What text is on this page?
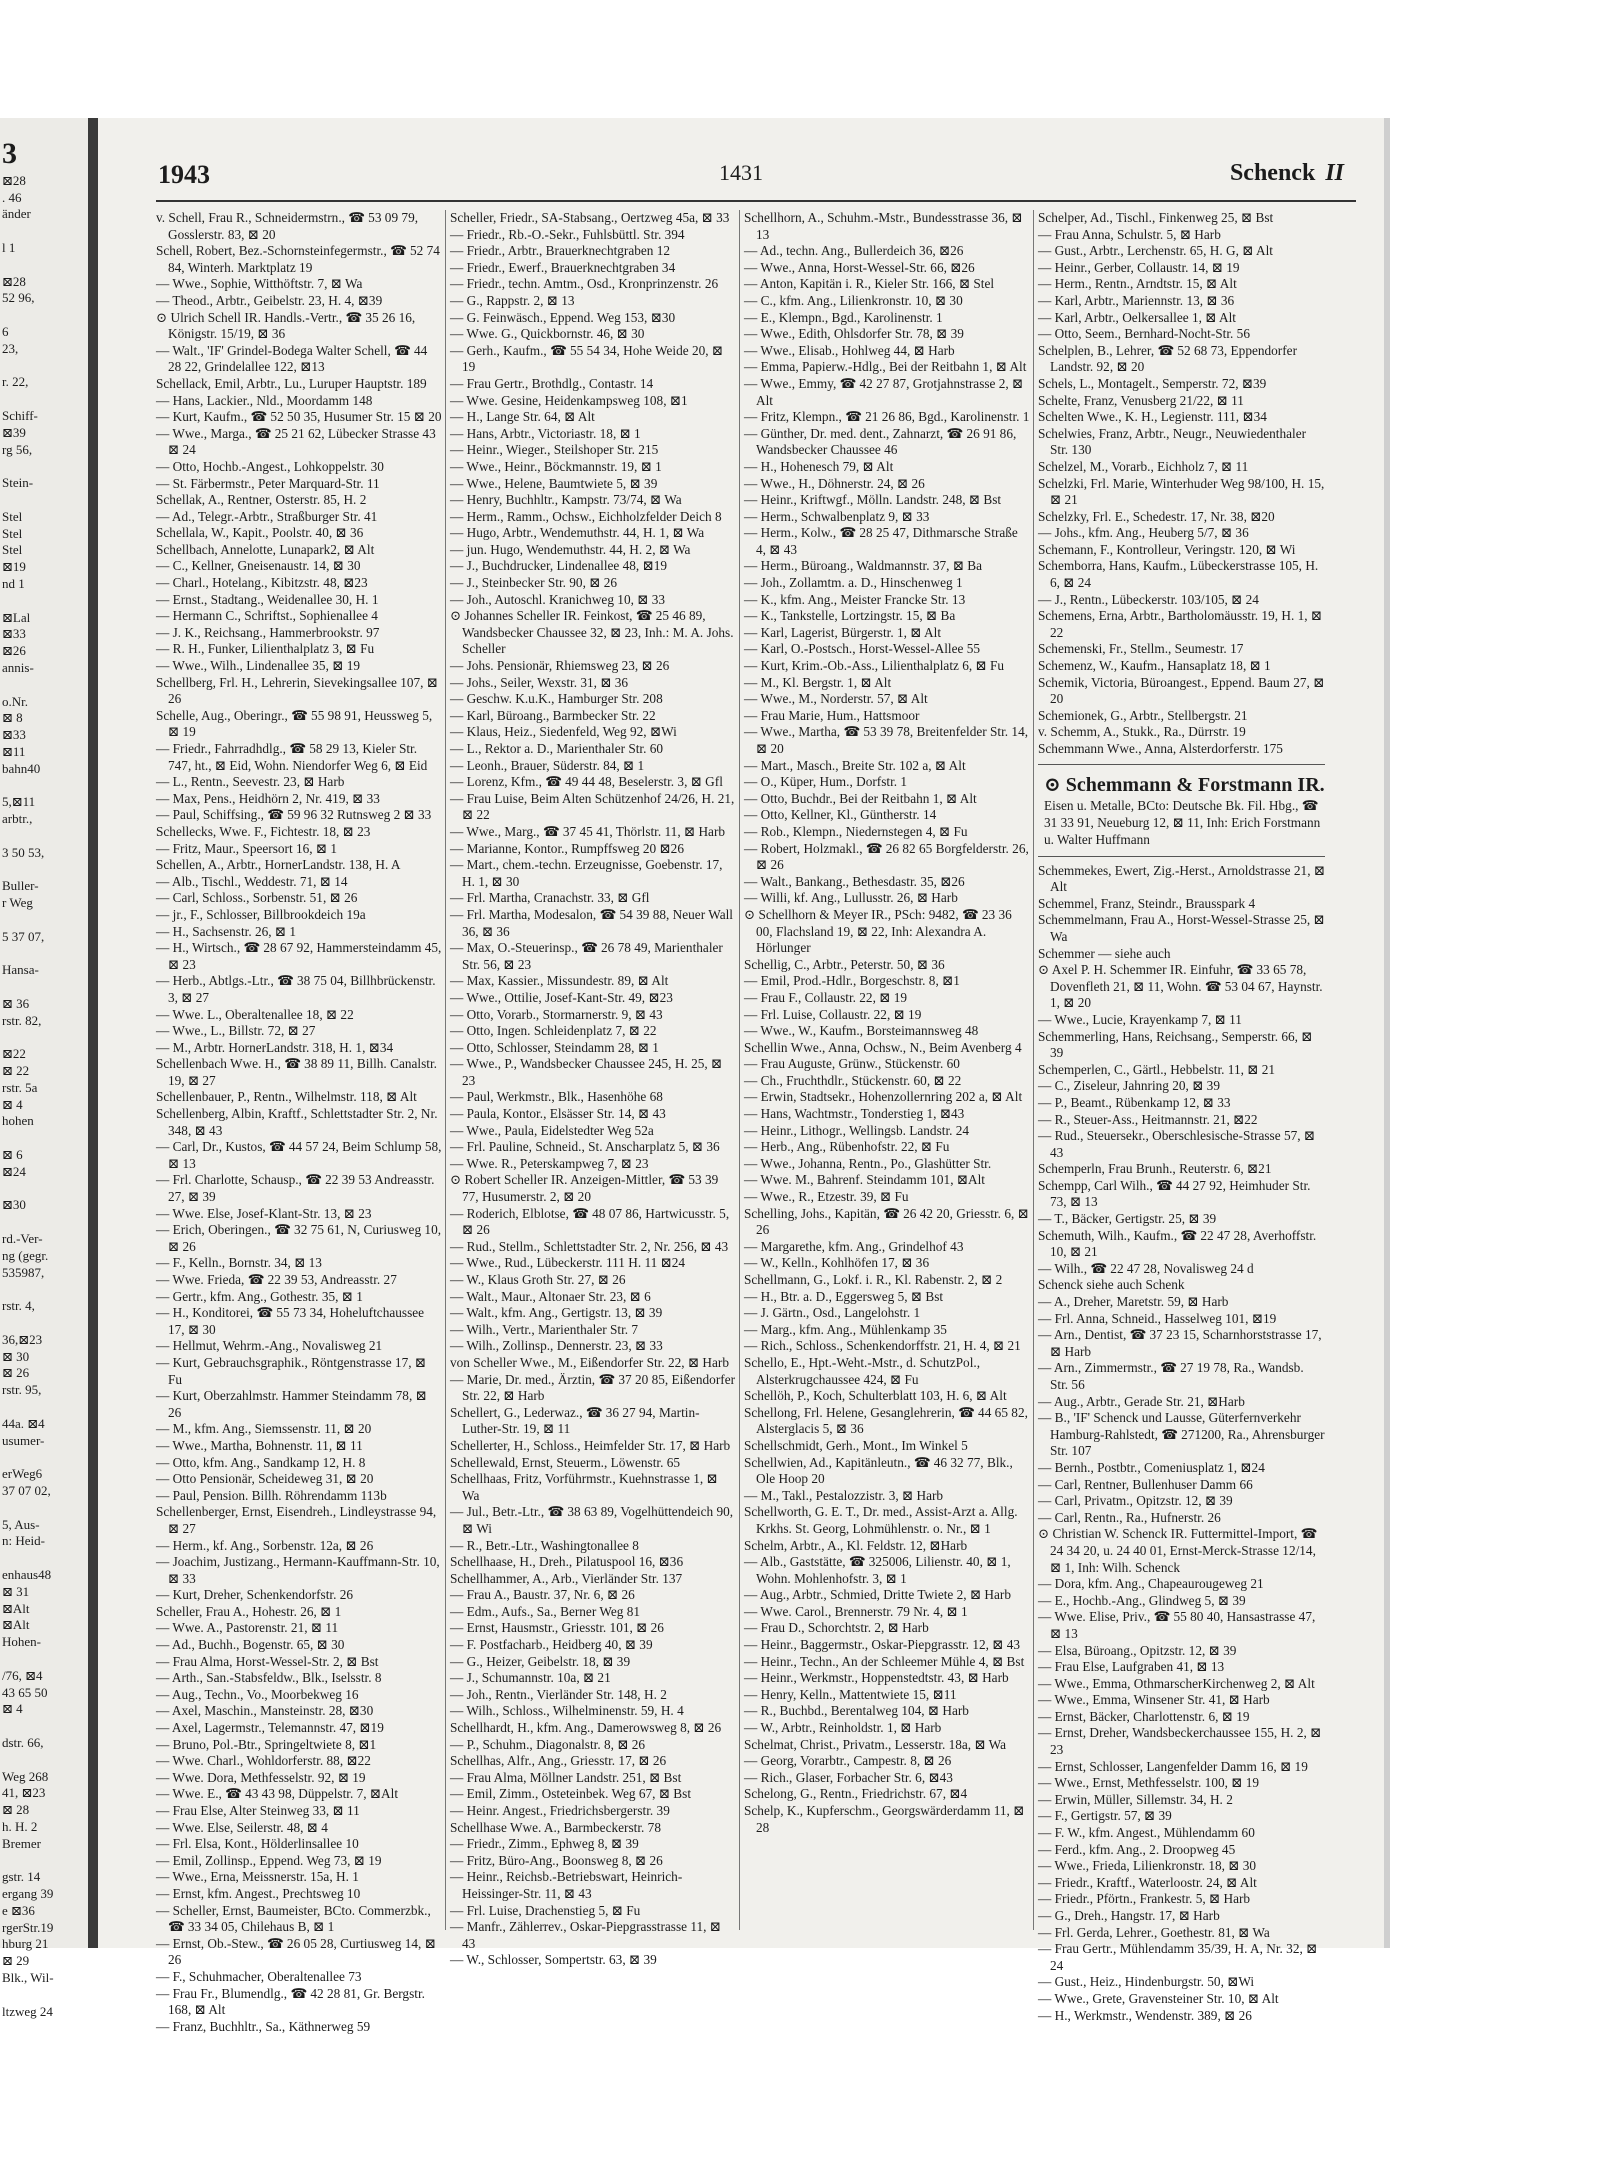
3
⊠28
. 46
änder

l 1

⊠28
52 96,

6
23,

r. 22,

Schiff-
⊠39
rg 56,

Stein-

Stel
Stel
Stel
⊠19
nd 1

⊠Lal
⊠33
⊠26
annis-

o.Nr.
⊠ 8
⊠33
⊠11
bahn40

5,⊠11
arbtr.,

3 50 53,

Buller-
r Weg

5 37 07,

Hansa-

⊠ 36
rstr. 82,

⊠22
⊠ 22
rstr. 5a
⊠ 4
hohen

⊠ 6
⊠24

⊠30

rd.-Ver-
ng (gegr.
535987,

rstr. 4,

36,⊠23
⊠ 30
⊠ 26
rstr. 95,

44a. ⊠4
usumer-

erWeg6
37 07 02,

5, Aus-
n: Heid-

enhaus48
⊠ 31
⊠Alt
⊠Alt
Hohen-

/76, ⊠4
43 65 50
⊠ 4

dstr. 66,

Weg 268
41, ⊠23
⊠ 28
h. H. 2
Bremer

gstr. 14
ergang 39
e ⊠36
rgerStr.19
hburg 21
⊠ 29
Blk., Wil-

ltzweg 24
1943	1431	Schenck II
v. Schell, Frau R., Schneidermstrn., ☎ 53 09 79, Gosslerstr. 83, ⊠ 20
Schell, Robert, Bez.-Schornsteinfegermstr., ☎ 52 74 84, Winterh. Marktplatz 19
— Wwe., Sophie, Witthöftstr. 7, ⊠ Wa
— Theod., Arbtr., Geibelstr. 23, H. 4, ⊠39
⊙ Ulrich Schell IR. Handls.-Vertr., ☎ 35 26 16, Königstr. 15/19, ⊠ 36
— Walt., 'IF' Grindel-Bodega Walter Schell, ☎ 44 28 22, Grindelallee 122, ⊠13
Schellack, Emil, Arbtr., Lu., Luruper Hauptstr. 189
— Hans, Lackier., Nld., Moordamm 148
— Kurt, Kaufm., ☎ 52 50 35, Husumer Str. 15 ⊠ 20
— Wwe., Marga., ☎ 25 21 62, Lübecker Strasse 43 ⊠ 24
— Otto, Hochb.-Angest., Lohkoppelstr. 30
— St. Färbermstr., Peter Marquard-Str. 11
Schellak, A., Rentner, Osterstr. 85, H. 2
— Ad., Telegr.-Arbtr., Straßburger Str. 41
Schellala, W., Kapit., Poolstr. 40, ⊠ 36
Schellbach, Annelotte, Lunapark2, ⊠ Alt
— C., Kellner, Gneisenaustr. 14, ⊠ 30
— Charl., Hotelang., Kibitzstr. 48, ⊠23
— Ernst., Stadtang., Weidenallee 30, H. 1
— Hermann C., Schriftst., Sophienallee 4
— J. K., Reichsang., Hammerbrookstr. 97
— R. H., Funker, Lilienthalplatz 3, ⊠ Fu
— Wwe., Wilh., Lindenallee 35, ⊠ 19
Schellberg, Frl. H., Lehrerin, Sievekingsallee 107, ⊠ 26
Schelle, Aug., Oberingr., ☎ 55 98 91, Heussweg 5, ⊠ 19
— Friedr., Fahrradhdlg., ☎ 58 29 13, Kieler Str. 747, ht., ⊠ Eid, Wohn. Niendorfer Weg 6, ⊠ Eid
— L., Rentn., Seevestr. 23, ⊠ Harb
— Max, Pens., Heidhörn 2, Nr. 419, ⊠ 33
— Paul, Schiffsing., ☎ 59 96 32 Rutnsweg 2 ⊠ 33
Schellecks, Wwe. F., Fichtestr. 18, ⊠ 23
— Fritz, Maur., Speersort 16, ⊠ 1
Schellen, A., Arbtr., HornerLandstr. 138, H. A
— Alb., Tischl., Weddestr. 71, ⊠ 14
— Carl, Schloss., Sorbenstr. 51, ⊠ 26
— jr., F., Schlosser, Billbrookdeich 19a
— H., Sachsenstr. 26, ⊠ 1
— H., Wirtsch., ☎ 28 67 92, Hammersteindamm 45, ⊠ 23
— Herb., Abtlgs.-Ltr., ☎ 38 75 04, Billhbrückenstr. 3, ⊠ 27
— Wwe. L., Oberaltenallee 18, ⊠ 22
— Wwe., L., Billstr. 72, ⊠ 27
— M., Arbtr. HornerLandstr. 318, H. 1, ⊠34
Schellenbach Wwe. H., ☎ 38 89 11, Billh. Canalstr. 19, ⊠ 27
Schellenbauer, P., Rentn., Wilhelmstr. 118, ⊠ Alt
Schellenberg, Albin, Kraftf., Schlettstadter Str. 2, Nr. 348, ⊠ 43
— Carl, Dr., Kustos, ☎ 44 57 24, Beim Schlump 58, ⊠ 13
— Frl. Charlotte, Schausp., ☎ 22 39 53 Andreasstr. 27, ⊠ 39
— Wwe. Else, Josef-Klant-Str. 13, ⊠ 23
— Erich, Oberingen., ☎ 32 75 61, N, Curiusweg 10, ⊠ 26
— F., Kelln., Bornstr. 34, ⊠ 13
— Wwe. Frieda, ☎ 22 39 53, Andreasstr. 27
— Gertr., kfm. Ang., Gothestr. 35, ⊠ 1
— H., Konditorei, ☎ 55 73 34, Hoheluftchaussee 17, ⊠ 30
— Hellmut, Wehrm.-Ang., Novalisweg 21
— Kurt, Gebrauchsgraphik., Röntgenstrasse 17, ⊠ Fu
— Kurt, Oberzahlmstr. Hammer Steindamm 78, ⊠ 26
— M., kfm. Ang., Siemssenstr. 11, ⊠ 20
— Wwe., Martha, Bohnenstr. 11, ⊠ 11
— Otto, kfm. Ang., Sandkamp 12, H. 8
— Otto Pensionär, Scheideweg 31, ⊠ 20
— Paul, Pension. Billh. Röhrendamm 113b
Schellenberger, Ernst, Eisendreh., Lindleystrasse 94, ⊠ 27
— Herm., kf. Ang., Sorbenstr. 12a, ⊠ 26
— Joachim, Justizang., Hermann-Kauffmann-Str. 10, ⊠ 33
— Kurt, Dreher, Schenkendorfstr. 26
Scheller, Frau A., Hohestr. 26, ⊠ 1
— Wwe. A., Pastorenstr. 21, ⊠ 11
— Ad., Buchh., Bogenstr. 65, ⊠ 30
— Frau Alma, Horst-Wessel-Str. 2, ⊠ Bst
— Arth., San.-Stabsfeldw., Blk., Iselsstr. 8
— Aug., Techn., Vo., Moorbekweg 16
— Axel, Maschin., Mansteinstr. 28, ⊠30
— Axel, Lagermstr., Telemannstr. 47, ⊠19
— Bruno, Pol.-Btr., Springeltwiete 8, ⊠1
— Wwe. Charl., Wohldorferstr. 88, ⊠22
— Wwe. Dora, Methfesselstr. 92, ⊠ 19
— Wwe. E., ☎ 43 43 98, Düppelstr. 7, ⊠Alt
— Frau Else, Alter Steinweg 33, ⊠ 11
— Wwe. Else, Seilerstr. 48, ⊠ 4
— Frl. Elsa, Kont., Hölderlinsallee 10
— Emil, Zollinsp., Eppend. Weg 73, ⊠ 19
— Wwe., Erna, Meissnerstr. 15a, H. 1
— Ernst, kfm. Angest., Prechtsweg 10
— Scheller, Ernst, Baumeister, BCto. Commerzbk., ☎ 33 34 05, Chilehaus B, ⊠ 1
— Ernst, Ob.-Stew., ☎ 26 05 28, Curtiusweg 14, ⊠ 26
— F., Schuhmacher, Oberaltenallee 73
— Frau Fr., Blumendlg., ☎ 42 28 81, Gr. Bergstr. 168, ⊠ Alt
— Franz, Buchhltr., Sa., Käthnerweg 59
Scheller, Friedr., SA-Stabsang., Oertzweg 45a, ⊠ 33
— Friedr., Rb.-O.-Sekr., Fuhlsbüttl. Str. 394
— Friedr., Arbtr., Brauerknechtgraben 12
— Friedr., Ewerf., Brauerknechtgraben 34
— Friedr., techn. Amtm., Osd., Kronprinzenstr. 26
— G., Rappstr. 2, ⊠ 13
— G. Feinwäsch., Eppend. Weg 153, ⊠30
— Wwe. G., Quickbornstr. 46, ⊠ 30
— Gerh., Kaufm., ☎ 55 54 34, Hohe Weide 20, ⊠ 19
— Frau Gertr., Brothdlg., Contastr. 14
— Wwe. Gesine, Heidenkampsweg 108, ⊠1
— H., Lange Str. 64, ⊠ Alt
— Hans, Arbtr., Victoriastr. 18, ⊠ 1
— Heinr., Wieger., Steilshoper Str. 215
— Wwe., Heinr., Böckmannstr. 19, ⊠ 1
— Wwe., Helene, Baumtwiete 5, ⊠ 39
— Henry, Buchhltr., Kampstr. 73/74, ⊠ Wa
— Herm., Ramm., Ochsw., Eichholzfelder Deich 8
— Hugo, Arbtr., Wendemuthstr. 44, H. 1, ⊠ Wa
— jun. Hugo, Wendemuthstr. 44, H. 2, ⊠ Wa
— J., Buchdrucker, Lindenallee 48, ⊠19
— J., Steinbecker Str. 90, ⊠ 26
— Joh., Autoschl. Kranichweg 10, ⊠ 33
⊙ Johannes Scheller IR. Feinkost, ☎ 25 46 89, Wandsbecker Chaussee 32, ⊠ 23, Inh.: M. A. Johs. Scheller
— Johs. Pensionär, Rhiemsweg 23, ⊠ 26
— Johs., Seiler, Wexstr. 31, ⊠ 36
— Geschw. K.u.K., Hamburger Str. 208
— Karl, Büroang., Barmbecker Str. 22
— Klaus, Heiz., Siedenfeld, Weg 92, ⊠Wi
— L., Rektor a. D., Marienthaler Str. 60
— Leonh., Brauer, Süderstr. 84, ⊠ 1
— Lorenz, Kfm., ☎ 49 44 48, Beselerstr. 3, ⊠ Gfl
— Frau Luise, Beim Alten Schützenhof 24/26, H. 21, ⊠ 22
— Wwe., Marg., ☎ 37 45 41, Thörlstr. 11, ⊠ Harb
— Marianne, Kontor., Rumpffsweg 20 ⊠26
— Mart., chem.-techn. Erzeugnisse, Goebenstr. 17, H. 1, ⊠ 30
— Frl. Martha, Cranachstr. 33, ⊠ Gfl
— Frl. Martha, Modesalon, ☎ 54 39 88, Neuer Wall 36, ⊠ 36
— Max, O.-Steuerinsp., ☎ 26 78 49, Marienthaler Str. 56, ⊠ 23
— Max, Kassier., Missundestr. 89, ⊠ Alt
— Wwe., Ottilie, Josef-Kant-Str. 49, ⊠23
— Otto, Vorarb., Stormarnerstr. 9, ⊠ 43
— Otto, Ingen. Schleidenplatz 7, ⊠ 22
— Otto, Schlosser, Steindamm 28, ⊠ 1
— Wwe., P., Wandsbecker Chaussee 245, H. 25, ⊠ 23
— Paul, Werkmstr., Blk., Hasenhöhe 68
— Paula, Kontor., Elsässer Str. 14, ⊠ 43
— Wwe., Paula, Eidelstedter Weg 52a
— Frl. Pauline, Schneid., St. Anscharplatz 5, ⊠ 36
— Wwe. R., Peterskampweg 7, ⊠ 23
⊙ Robert Scheller IR. Anzeigen-Mittler, ☎ 53 39 77, Husumerstr. 2, ⊠ 20
— Roderich, Elblotse, ☎ 48 07 86, Hartwicusstr. 5, ⊠ 26
— Rud., Stellm., Schlettstadter Str. 2, Nr. 256, ⊠ 43
— Wwe., Rud., Lübeckerstr. 111 H. 11 ⊠24
— W., Klaus Groth Str. 27, ⊠ 26
— Walt., Maur., Altonaer Str. 23, ⊠ 6
— Walt., kfm. Ang., Gertigstr. 13, ⊠ 39
— Wilh., Vertr., Marienthaler Str. 7
— Wilh., Zollinsp., Dennerstr. 23, ⊠ 33
von Scheller Wwe., M., Eißendorfer Str. 22, ⊠ Harb
— Marie, Dr. med., Ärztin, ☎ 37 20 85, Eißendorfer Str. 22, ⊠ Harb
Schellert, G., Lederwaz., ☎ 36 27 94, Martin-Luther-Str. 19, ⊠ 11
Schellerter, H., Schloss., Heimfelder Str. 17, ⊠ Harb
Schellewald, Ernst, Steuerm., Löwenstr. 65
Schellhaas, Fritz, Vorführmstr., Kuehnstrasse 1, ⊠ Wa
— Jul., Betr.-Ltr., ☎ 38 63 89, Vogelhüttendeich 90, ⊠ Wi
— R., Betr.-Ltr., Washingtonallee 8
Schellhaase, H., Dreh., Pilatuspool 16, ⊠36
Schellhammer, A., Arb., Vierländer Str. 137
— Frau A., Baustr. 37, Nr. 6, ⊠ 26
— Edm., Aufs., Sa., Berner Weg 81
— Ernst, Hausmstr., Griesstr. 101, ⊠ 26
— F. Postfacharb., Heidberg 40, ⊠ 39
— G., Heizer, Geibelstr. 18, ⊠ 39
— J., Schumannstr. 10a, ⊠ 21
— Joh., Rentn., Vierländer Str. 148, H. 2
— Wilh., Schloss., Wilhelminenstr. 59, H. 4
Schellhardt, H., kfm. Ang., Damerowsweg 8, ⊠ 26
— P., Schuhm., Diagonalstr. 8, ⊠ 26
Schellhas, Alfr., Ang., Griesstr. 17, ⊠ 26
— Frau Alma, Möllner Landstr. 251, ⊠ Bst
— Emil, Zimm., Osteteinbek. Weg 67, ⊠ Bst
— Heinr. Angest., Friedrichsbergerstr. 39
Schellhase Wwe. A., Barmbeckerstr. 78
— Friedr., Zimm., Ephweg 8, ⊠ 39
— Fritz, Büro-Ang., Boonsweg 8, ⊠ 26
— Heinr., Reichsb.-Betriebswart, Heinrich-Heissinger-Str. 11, ⊠ 43
— Frl. Luise, Drachenstieg 5, ⊠ Fu
— Manfr., Zählerrev., Oskar-Piepgrasstrasse 11, ⊠ 43
— W., Schlosser, Sompertstr. 63, ⊠ 39
Schellhorn, A., Schuhm.-Mstr., Bundesstrasse 36, ⊠ 13
— Ad., techn. Ang., Bullerdeich 36, ⊠26
— Wwe., Anna, Horst-Wessel-Str. 66, ⊠26
— Anton, Kapitän i. R., Kieler Str. 166, ⊠ Stel
— C., kfm. Ang., Lilienkronstr. 10, ⊠ 30
— E., Klempn., Bgd., Karolinenstr. 1
— Wwe., Edith, Ohlsdorfer Str. 78, ⊠ 39
— Wwe., Elisab., Hohlweg 44, ⊠ Harb
— Emma, Papierw.-Hdlg., Bei der Reitbahn 1, ⊠ Alt
— Wwe., Emmy, ☎ 42 27 87, Grotjahnstrasse 2, ⊠ Alt
— Fritz, Klempn., ☎ 21 26 86, Bgd., Karolinenstr. 1
— Günther, Dr. med. dent., Zahnarzt, ☎ 26 91 86, Wandsbecker Chaussee 46
— H., Hohenesch 79, ⊠ Alt
— Wwe., H., Döhnerstr. 24, ⊠ 26
— Heinr., Kriftwgf., Mölln. Landstr. 248, ⊠ Bst
— Herm., Schwalbenplatz 9, ⊠ 33
— Herm., Kolw., ☎ 28 25 47, Dithmarsche Straße 4, ⊠ 43
— Herm., Büroang., Waldmannstr. 37, ⊠ Ba
— Joh., Zollamtm. a. D., Hinschenweg 1
— K., kfm. Ang., Meister Francke Str. 13
— K., Tankstelle, Lortzingstr. 15, ⊠ Ba
— Karl, Lagerist, Bürgerstr. 1, ⊠ Alt
— Karl, O.-Postsch., Horst-Wessel-Allee 55
— Kurt, Krim.-Ob.-Ass., Lilienthalplatz 6, ⊠ Fu
— M., Kl. Bergstr. 1, ⊠ Alt
— Wwe., M., Norderstr. 57, ⊠ Alt
— Frau Marie, Hum., Hattsmoor
— Wwe., Martha, ☎ 53 39 78, Breitenfelder Str. 14, ⊠ 20
— Mart., Masch., Breite Str. 102 a, ⊠ Alt
— O., Küper, Hum., Dorfstr. 1
— Otto, Buchdr., Bei der Reitbahn 1, ⊠ Alt
— Otto, Kellner, Kl., Güntherstr. 14
— Rob., Klempn., Niedernstegen 4, ⊠ Fu
— Robert, Holzmakl., ☎ 26 82 65 Borgfelderstr. 26, ⊠ 26
— Walt., Bankang., Bethesdastr. 35, ⊠26
— Willi, kf. Ang., Lullusstr. 26, ⊠ Harb
⊙ Schellhorn & Meyer IR., PSch: 9482, ☎ 23 36 00, Flachsland 19, ⊠ 22, Inh: Alexandra A. Hörlunger
Schellig, C., Arbtr., Peterstr. 50, ⊠ 36
— Emil, Prod.-Hdlr., Borgeschstr. 8, ⊠1
— Frau F., Collaustr. 22, ⊠ 19
— Frl. Luise, Collaustr. 22, ⊠ 19
— Wwe., W., Kaufm., Borsteimannsweg 48
Schellin Wwe., Anna, Ochsw., N., Beim Avenberg 4
— Frau Auguste, Grünw., Stückenstr. 60
— Ch., Fruchthdlr., Stückenstr. 60, ⊠ 22
— Erwin, Stadtsekr., Hohenzollernring 202 a, ⊠ Alt
— Hans, Wachtmstr., Tonderstieg 1, ⊠43
— Heinr., Lithogr., Wellingsb. Landstr. 24
— Herb., Ang., Rübenhofstr. 22, ⊠ Fu
— Wwe., Johanna, Rentn., Po., Glashütter Str.
— Wwe. M., Bahrenf. Steindamm 101, ⊠Alt
— Wwe., R., Etzestr. 39, ⊠ Fu
Schelling, Johs., Kapitän, ☎ 26 42 20, Griesstr. 6, ⊠ 26
— Margarethe, kfm. Ang., Grindelhof 43
— W., Kelln., Kohlhöfen 17, ⊠ 36
Schellmann, G., Lokf. i. R., Kl. Rabenstr. 2, ⊠ 2
— H., Btr. a. D., Eggersweg 5, ⊠ Bst
— J. Gärtn., Osd., Langelohstr. 1
— Marg., kfm. Ang., Mühlenkamp 35
— Rich., Schloss., Schenkendorffstr. 21, H. 4, ⊠ 21
Schello, E., Hpt.-Weht.-Mstr., d. SchutzPol., Alsterkrugchaussee 424, ⊠ Fu
Schellöh, P., Koch, Schulterblatt 103, H. 6, ⊠ Alt
Schellong, Frl. Helene, Gesanglehrerin, ☎ 44 65 82, Alsterglacis 5, ⊠ 36
Schellschmidt, Gerh., Mont., Im Winkel 5
Schellwien, Ad., Kapitänleutn., ☎ 46 32 77, Blk., Ole Hoop 20
— M., Takl., Pestalozzistr. 3, ⊠ Harb
Schellworth, G. E. T., Dr. med., Assist-Arzt a. Allg. Krkhs. St. Georg, Lohmühlenstr. o. Nr., ⊠ 1
Schelm, Arbtr., A., Kl. Feldstr. 12, ⊠Harb
— Alb., Gaststätte, ☎ 325006, Lilienstr. 40, ⊠ 1, Wohn. Mohlenhofstr. 3, ⊠ 1
— Aug., Arbtr., Schmied, Dritte Twiete 2, ⊠ Harb
— Wwe. Carol., Brennerstr. 79 Nr. 4, ⊠ 1
— Frau D., Schorchtstr. 2, ⊠ Harb
— Heinr., Baggermstr., Oskar-Piepgrasstr. 12, ⊠ 43
— Heinr., Techn., An der Schleemer Mühle 4, ⊠ Bst
— Heinr., Werkmstr., Hoppenstedtstr. 43, ⊠ Harb
— Henry, Kelln., Mattentwiete 15, ⊠11
— R., Buchbd., Berentalweg 104, ⊠ Harb
— W., Arbtr., Reinholdstr. 1, ⊠ Harb
Schelmat, Christ., Privatm., Lesserstr. 18a, ⊠ Wa
— Georg, Vorarbtr., Campestr. 8, ⊠ 26
— Rich., Glaser, Forbacher Str. 6, ⊠43
Schelong, G., Rentn., Friedrichstr. 67, ⊠4
Schelp, K., Kupferschm., Georgswärderdamm 11, ⊠ 28
Schelper, Ad., Tischl., Finkenweg 25, ⊠ Bst
— Frau Anna, Schulstr. 5, ⊠ Harb
— Gust., Arbtr., Lerchenstr. 65, H. G, ⊠ Alt
— Heinr., Gerber, Collaustr. 14, ⊠ 19
— Herm., Rentn., Arndtstr. 15, ⊠ Alt
— Karl, Arbtr., Mariennstr. 13, ⊠ 36
— Karl, Arbtr., Oelkersallee 1, ⊠ Alt
— Otto, Seem., Bernhard-Nocht-Str. 56
Schelplen, B., Lehrer, ☎ 52 68 73, Eppendorfer Landstr. 92, ⊠ 20
Schels, L., Montagelt., Semperstr. 72, ⊠39
Schelte, Franz, Venusberg 21/22, ⊠ 11
Schelten Wwe., K. H., Legienstr. 111, ⊠34
Schelwies, Franz, Arbtr., Neugr., Neuwiedenthaler Str. 130
Schelzel, M., Vorarb., Eichholz 7, ⊠ 11
Schelzki, Frl. Marie, Winterhuder Weg 98/100, H. 15, ⊠ 21
Schelzky, Frl. E., Schedestr. 17, Nr. 38, ⊠20
— Johs., kfm. Ang., Heuberg 5/7, ⊠ 36
Schemann, F., Kontrolleur, Veringstr. 120, ⊠ Wi
Schemborra, Hans, Kaufm., Lübeckerstrasse 105, H. 6, ⊠ 24
— J., Rentn., Lübeckerstr. 103/105, ⊠ 24
Schemens, Erna, Arbtr., Bartholomäusstr. 19, H. 1, ⊠ 22
Schemenski, Fr., Stellm., Seumestr. 17
Schemenz, W., Kaufm., Hansaplatz 18, ⊠ 1
Schemik, Victoria, Büroangest., Eppend. Baum 27, ⊠ 20
Schemionek, G., Arbtr., Stellbergstr. 21
v. Schemm, A., Stukk., Ra., Dürrstr. 19
Schemmann Wwe., Anna, Alsterdorferstr. 175
⊙ Schemmann & Forstmann IR.
Eisen u. Metalle, BCto: Deutsche Bk. Fil. Hbg., ☎ 31 33 91, Neueburg 12, ⊠ 11, Inh: Erich Forstmann u. Walter Huffmann
Schemmekes, Ewert, Zig.-Herst., Arnoldstrasse 21, ⊠ Alt
Schemmel, Franz, Steindr., Brausspark 4
Schemmelmann, Frau A., Horst-Wessel-Strasse 25, ⊠ Wa
Schemmer — siehe auch
⊙ Axel P. H. Schemmer IR. Einfuhr, ☎ 33 65 78, Dovenfleth 21, ⊠ 11, Wohn. ☎ 53 04 67, Haynstr. 1, ⊠ 20
— Wwe., Lucie, Krayenkamp 7, ⊠ 11
Schemmerling, Hans, Reichsang., Semperstr. 66, ⊠ 39
Schemperlen, C., Gärtl., Hebbelstr. 11, ⊠ 21
— C., Ziseleur, Jahnring 20, ⊠ 39
— P., Beamt., Rübenkamp 12, ⊠ 33
— R., Steuer-Ass., Heitmannstr. 21, ⊠22
— Rud., Steuersekr., Oberschlesische-Strasse 57, ⊠ 43
Schemperln, Frau Brunh., Reuterstr. 6, ⊠21
Schempp, Carl Wilh., ☎ 44 27 92, Heimhuder Str. 73, ⊠ 13
— T., Bäcker, Gertigstr. 25, ⊠ 39
Schemuth, Wilh., Kaufm., ☎ 22 47 28, Averhoffstr. 10, ⊠ 21
— Wilh., ☎ 22 47 28, Novalisweg 24 d
Schenck siehe auch Schenk
— A., Dreher, Maretstr. 59, ⊠ Harb
— Frl. Anna, Schneid., Hasselweg 101, ⊠19
— Arn., Dentist, ☎ 37 23 15, Scharnhorststrasse 17, ⊠ Harb
— Arn., Zimmermstr., ☎ 27 19 78, Ra., Wandsb. Str. 56
— Aug., Arbtr., Gerade Str. 21, ⊠Harb
— B., 'IF' Schenck und Lausse, Güterfernverkehr Hamburg-Rahlstedt, ☎ 271200, Ra., Ahrensburger Str. 107
— Bernh., Postbtr., Comeniusplatz 1, ⊠24
— Carl, Rentner, Bullenhuser Damm 66
— Carl, Privatm., Opitzstr. 12, ⊠ 39
— Carl, Rentn., Ra., Hufnerstr. 26
⊙ Christian W. Schenck IR. Futtermittel-Import, ☎ 24 34 20, u. 24 40 01, Ernst-Merck-Strasse 12/14, ⊠ 1, Inh: Wilh. Schenck
— Dora, kfm. Ang., Chapeaurougeweg 21
— E., Hochb.-Ang., Glindweg 5, ⊠ 39
— Wwe. Elise, Priv., ☎ 55 80 40, Hansastrasse 47, ⊠ 13
— Elsa, Büroang., Opitzstr. 12, ⊠ 39
— Frau Else, Laufgraben 41, ⊠ 13
— Wwe., Emma, OthmarscherKirchenweg 2, ⊠ Alt
— Wwe., Emma, Winsener Str. 41, ⊠ Harb
— Ernst, Bäcker, Charlottenstr. 6, ⊠ 19
— Ernst, Dreher, Wandsbeckerchaussee 155, H. 2, ⊠ 23
— Ernst, Schlosser, Langenfelder Damm 16, ⊠ 19
— Wwe., Ernst, Methfesselstr. 100, ⊠ 19
— Erwin, Müller, Sillemstr. 34, H. 2
— F., Gertigstr. 57, ⊠ 39
— F. W., kfm. Angest., Mühlendamm 60
— Ferd., kfm. Ang., 2. Droopweg 45
— Wwe., Frieda, Lilienkronstr. 18, ⊠ 30
— Friedr., Kraftf., Waterloostr. 24, ⊠ Alt
— Friedr., Pförtn., Frankestr. 5, ⊠ Harb
— G., Dreh., Hangstr. 17, ⊠ Harb
— Frl. Gerda, Lehrer., Goethestr. 81, ⊠ Wa
— Frau Gertr., Mühlendamm 35/39, H. A, Nr. 32, ⊠ 24
— Gust., Heiz., Hindenburgstr. 50, ⊠Wi
— Wwe., Grete, Gravensteiner Str. 10, ⊠ Alt
— H., Werkmstr., Wendenstr. 389, ⊠ 26
